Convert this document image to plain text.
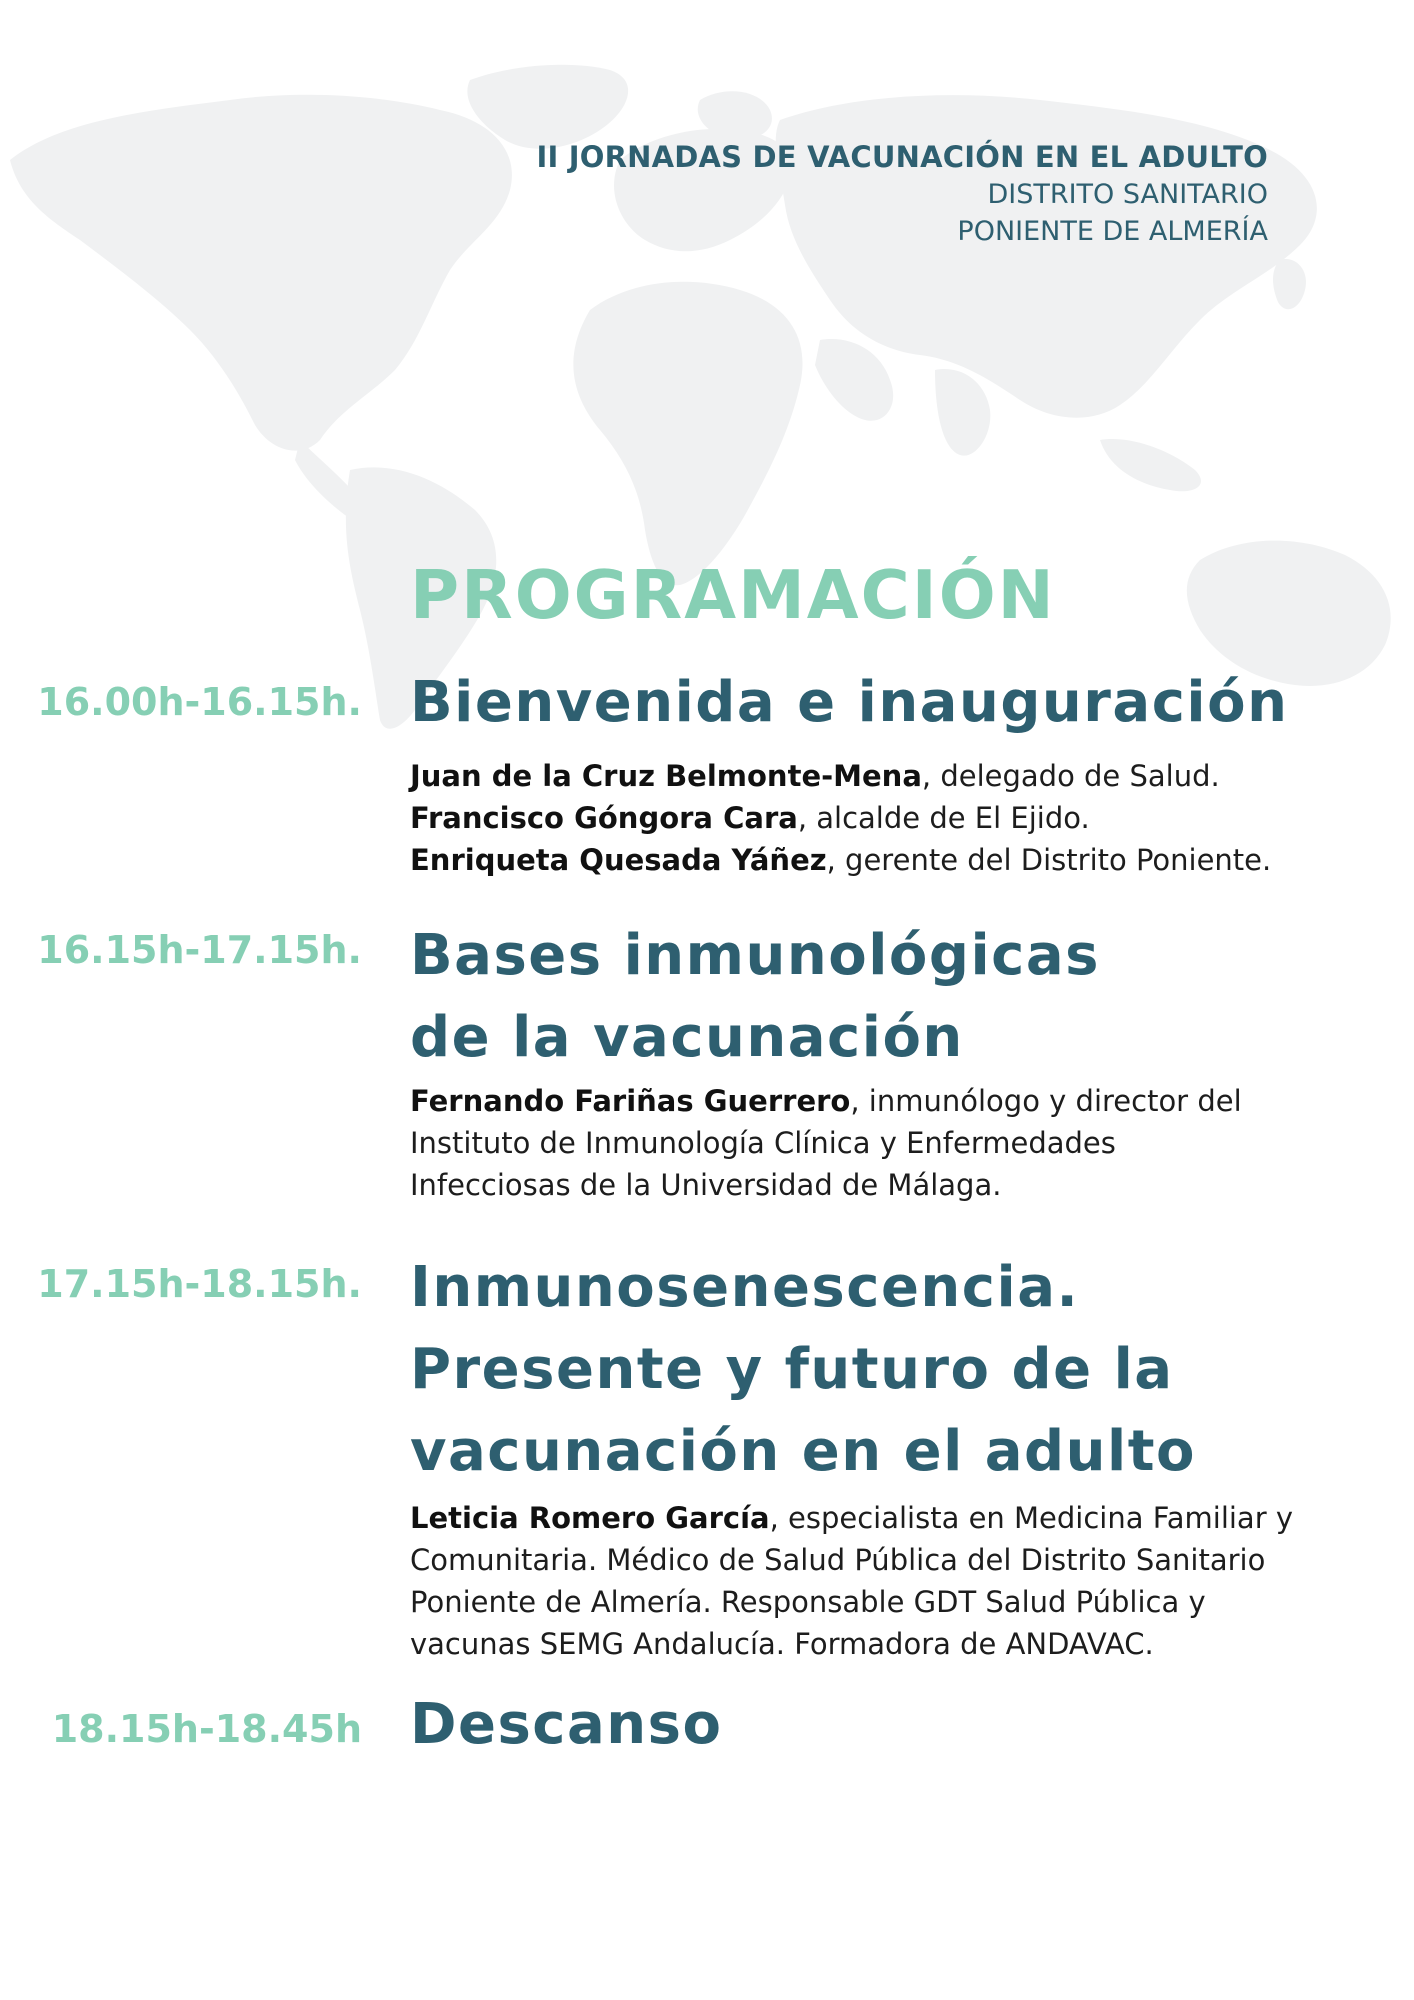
II JORNADAS DE VACUNACIÓN EN EL ADULTO
DISTRITO SANITARIO
PONIENTE DE ALMERÍA
PROGRAMACIÓN
16.00h-16.15h. Bienvenida e inauguración
Juan de la Cruz Belmonte-Mena, delegado de Salud.
Francisco Góngora Cara, alcalde de El Ejido.
Enriqueta Quesada Yáñez, gerente del Distrito Poniente.
16.15h-17.15h. Bases inmunológicas
de la vacunación
Fernando Fariñas Guerrero, inmunólogo y director del
Instituto de Inmunología Clínica y Enfermedades
Infecciosas de la Universidad de Málaga.
17.15h-18.15h. Inmunosenescencia.
Presente y futuro de la
vacunación en el adulto
Leticia Romero García, especialista en Medicina Familiar y
Comunitaria. Médico de Salud Pública del Distrito Sanitario
Poniente de Almería. Responsable GDT Salud Pública y
vacunas SEMG Andalucía. Formadora de ANDAVAC.
18.15h-18.45h Descanso
